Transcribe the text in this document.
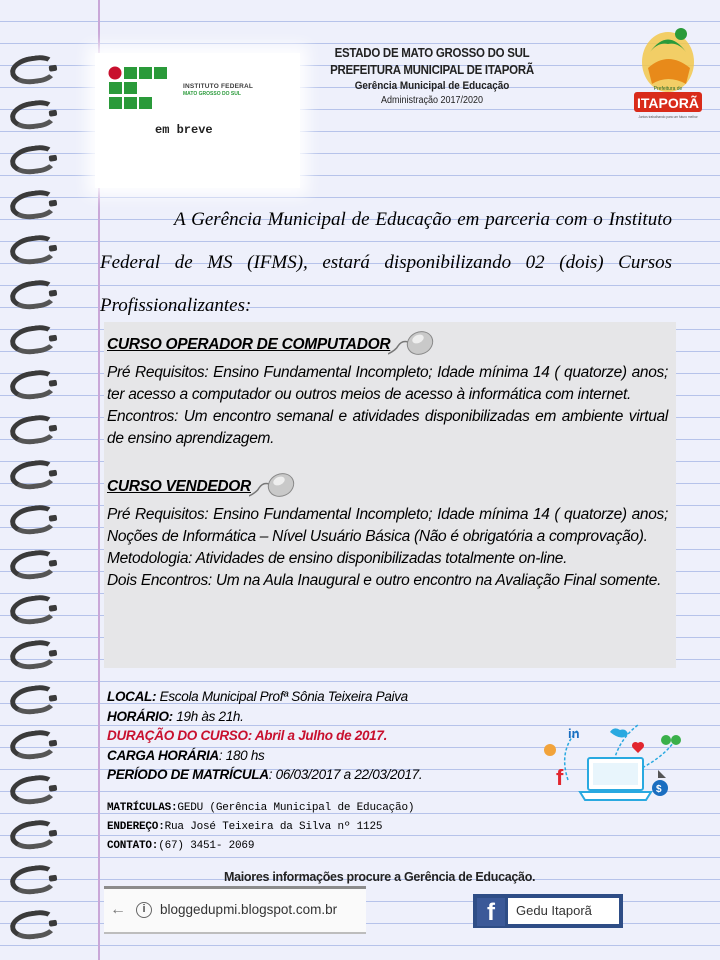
INSTITUTO FEDERAL
MATO GROSSO DO SUL
em breve
ESTADO DE MATO GROSSO DO SUL
PREFEITURA MUNICIPAL DE ITAPORÃ
Gerência Municipal de Educação
Administração 2017/2020	ITAPORÃ
Prefeitura de
Juntos trabalhando para um futuro melhor

A Gerência Municipal de Educação em parceria com o Instituto Federal de MS (IFMS), estará disponibilizando 02 (dois) Cursos Profissionalizantes:

CURSO OPERADOR DE COMPUTADOR
Pré Requisitos: Ensino Fundamental Incompleto; Idade mínima 14 ( quatorze) anos; ter acesso a computador ou outros meios de acesso à informática com internet.
Encontros: Um encontro semanal e atividades disponibilizadas em ambiente virtual de ensino aprendizagem.
CURSO VENDEDOR
Pré Requisitos: Ensino Fundamental Incompleto; Idade mínima 14 ( quatorze) anos; Noções de Informática – Nível Usuário Básica (Não é obrigatória a comprovação).
Metodologia: Atividades de ensino disponibilizadas totalmente on-line.
Dois Encontros: Um na Aula Inaugural e outro encontro na Avaliação Final somente.
LOCAL: Escola Municipal Profª Sônia Teixeira Paiva
HORÁRIO: 19h às 21h.
DURAÇÃO DO CURSO: Abril a Julho de 2017.
CARGA HORÁRIA: 180 hs
PERÍODO DE MATRÍCULA: 06/03/2017 a 22/03/2017.
MATRÍCULAS:GEDU (Gerência Municipal de Educação)
ENDEREÇO:Rua José Teixeira da Silva nº 1125
CONTATO:(67) 3451- 2069
in
f	$
Maiores informações procure a Gerência de Educação.
←	i	bloggedupmi.blogspot.com.br	f	Gedu Itaporã
